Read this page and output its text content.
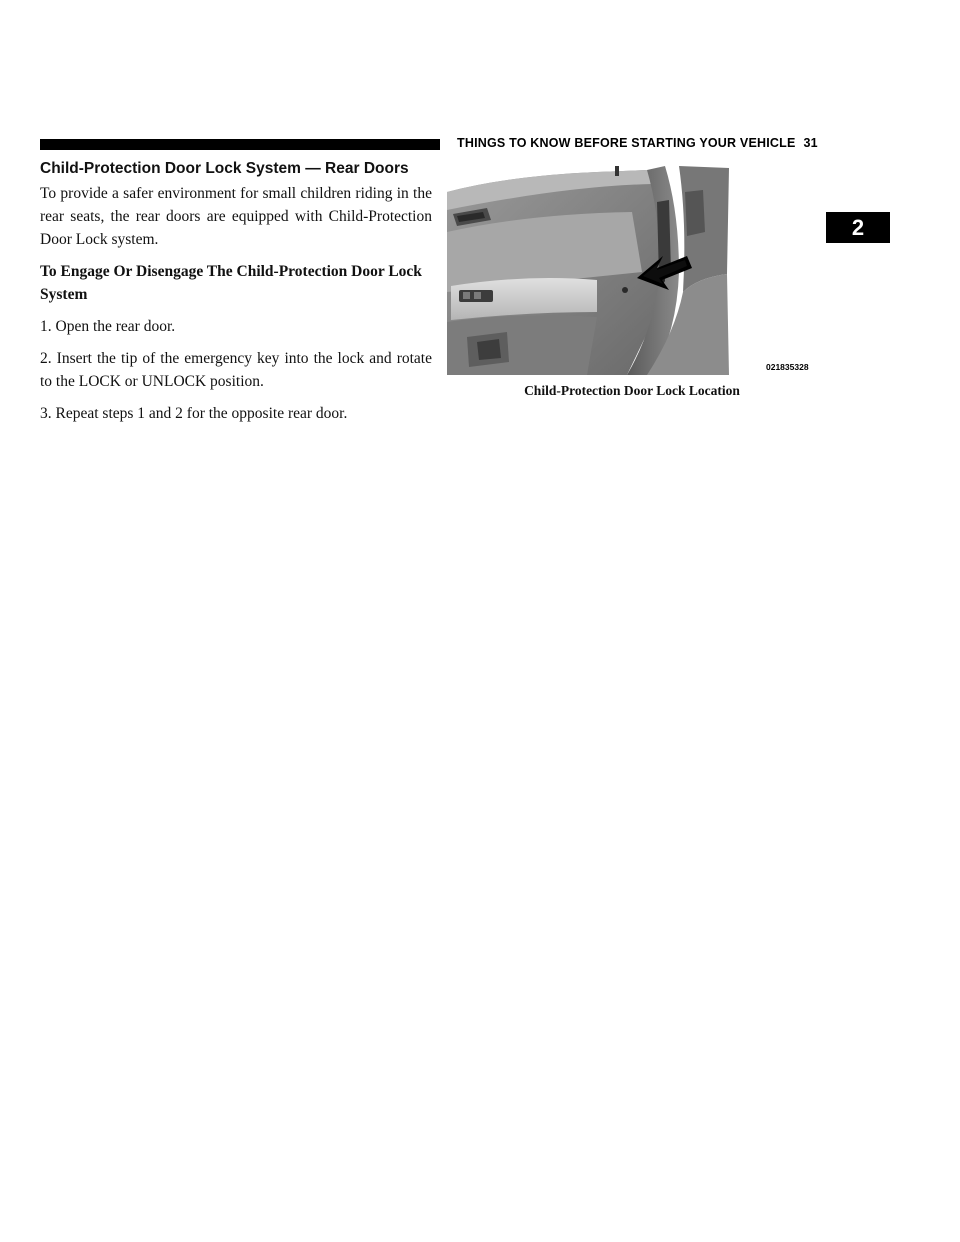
THINGS TO KNOW BEFORE STARTING YOUR VEHICLE 31
2
Child-Protection Door Lock System — Rear Doors

To provide a safer environment for small children riding in the rear seats, the rear doors are equipped with Child-Protection Door Lock system.

To Engage Or Disengage The Child-Protection Door Lock System

1. Open the rear door.

2. Insert the tip of the emergency key into the lock and rotate to the LOCK or UNLOCK position.

3. Repeat steps 1 and 2 for the opposite rear door.

021835328
Child-Protection Door Lock Location
